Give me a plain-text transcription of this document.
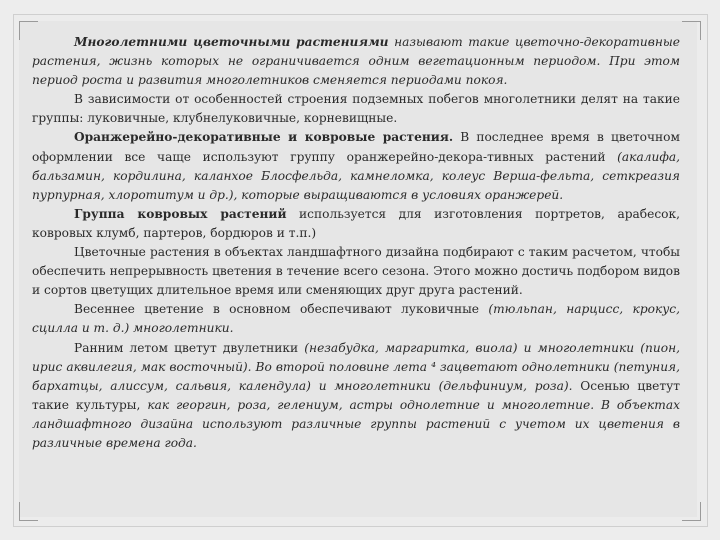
Многолетними цветочными растениями называют такие цветочно-декоративные растения, жизнь которых не ограничивается одним вегетационным периодом. При этом период роста и развития многолетников сменяется периодами покоя.

В зависимости от особенностей строения подземных побегов многолетники делят на такие группы: луковичные, клубнелуковичные, корневищные.

Оранжерейно-декоративные и ковровые растения. В последнее время в цветочном оформлении все чаще используют группу оранжерейно-декора-тивных растений (акалифа, бальзамин, кордилина, каланхое Блосфельда, камнеломка, колеус Верша-фельта, сеткреазия пурпурная, хлоротитум и др.), которые выращиваются в условиях оранжерей.

Группа ковровых растений используется для изготовления портретов, арабесок, ковровых клумб, партеров, бордюров и т.п.)

Цветочные растения в объектах ландшафтного дизайна подбирают с таким расчетом, чтобы обеспечить непрерывность цветения в течение всего сезона. Этого можно достичь подбором видов и сортов цветущих длительное время или сменяющих друг друга растений.

Весеннее цветение в основном обеспечивают луковичные (тюльпан, нарцисс, крокус, сцилла и т. д.) многолетники.

Ранним летом цветут двулетники (незабудка, маргаритка, виола) и многолетники (пион, ирис аквилегия, мак восточный). Во второй половине лета ⁴ зацветают однолетники (петуния, бархатцы, алиссум, сальвия, календула) и многолетники (дельфиниум, роза). Осенью цветут такие культуры, как георгин, роза, гелениум, астры однолетние и многолетние. В объектах ландшафтного дизайна используют различные группы растений с учетом их цветения в различные времена года.
